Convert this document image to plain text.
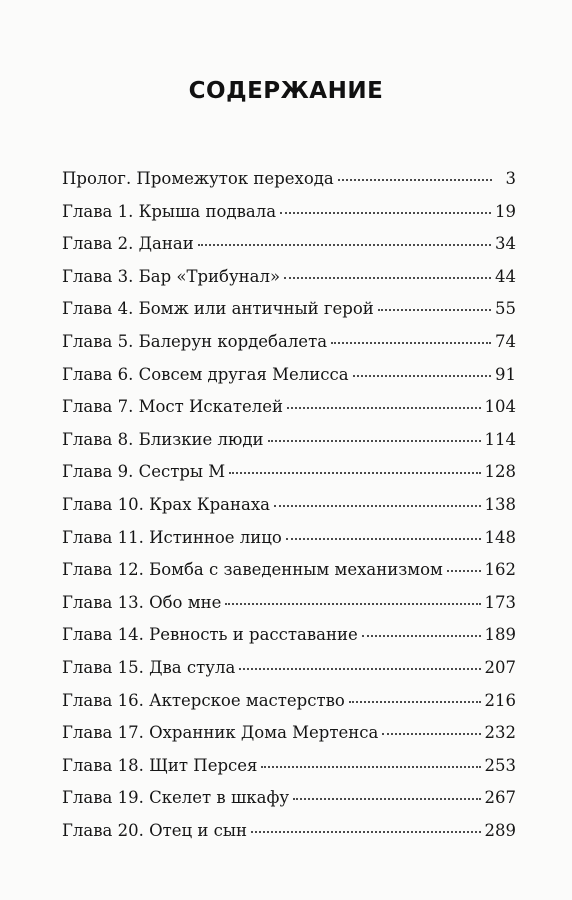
СОДЕРЖАНИЕ
Пролог. Промежуток перехода	3
Глава 1. Крыша подвала	19
Глава 2. Данаи	34
Глава 3. Бар «Трибунал»	44
Глава 4. Бомж или античный герой	55
Глава 5. Балерун кордебалета	74
Глава 6. Совсем другая Мелисса	91
Глава 7. Мост Искателей	104
Глава 8. Близкие люди	114
Глава 9. Сестры М	128
Глава 10. Крах Кранаха	138
Глава 11. Истинное лицо	148
Глава 12. Бомба с заведенным механизмом	162
Глава 13. Обо мне	173
Глава 14. Ревность и расставание	189
Глава 15. Два стула	207
Глава 16. Актерское мастерство	216
Глава 17. Охранник Дома Мертенса	232
Глава 18. Щит Персея	253
Глава 19. Скелет в шкафу	267
Глава 20. Отец и сын	289
